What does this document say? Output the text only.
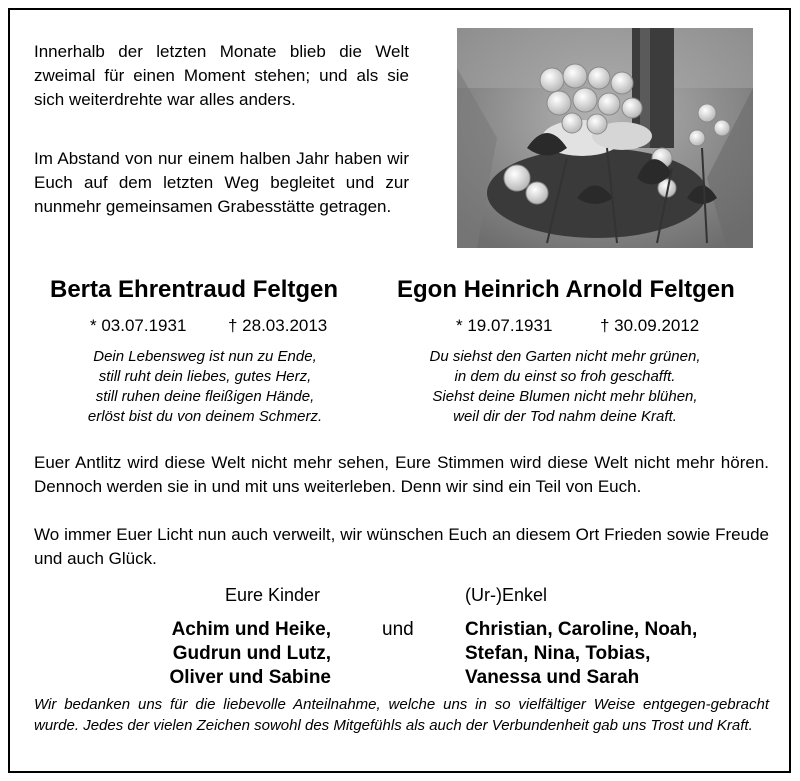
Innerhalb der letzten Monate blieb die Welt zweimal für einen Moment stehen; und als sie sich weiterdrehte war alles anders.
Im Abstand von nur einem halben Jahr haben wir Euch auf dem letzten Weg begleitet und zur nunmehr gemeinsamen Grabesstätte getragen.
Berta Ehrentraud Feltgen Egon Heinrich Arnold Feltgen
* 03.07.1931 † 28.03.2013	* 19.07.1931	† 30.09.2012
Dein Lebensweg ist nun zu Ende,
still ruht dein liebes, gutes Herz,
still ruhen deine fleißigen Hände,
erlöst bist du von deinem Schmerz.
Du siehst den Garten nicht mehr grünen,
in dem du einst so froh geschafft.
Siehst deine Blumen nicht mehr blühen,
weil dir der Tod nahm deine Kraft.
Euer Antlitz wird diese Welt nicht mehr sehen, Eure Stimmen wird diese Welt nicht mehr hören. Dennoch werden sie in und mit uns weiterleben. Denn wir sind ein Teil von Euch.
Wo immer Euer Licht nun auch verweilt, wir wünschen Euch an diesem Ort Frieden sowie Freude und auch Glück.
Eure Kinder	(Ur-)Enkel
Achim und Heike,
Gudrun und Lutz,
Oliver und Sabine
und	Christian, Caroline, Noah,
Stefan, Nina, Tobias,
Vanessa und Sarah
Wir bedanken uns für die liebevolle Anteilnahme, welche uns in so vielfältiger Weise entgegen-gebracht wurde. Jedes der vielen Zeichen sowohl des Mitgefühls als auch der Verbundenheit gab uns Trost und Kraft.
